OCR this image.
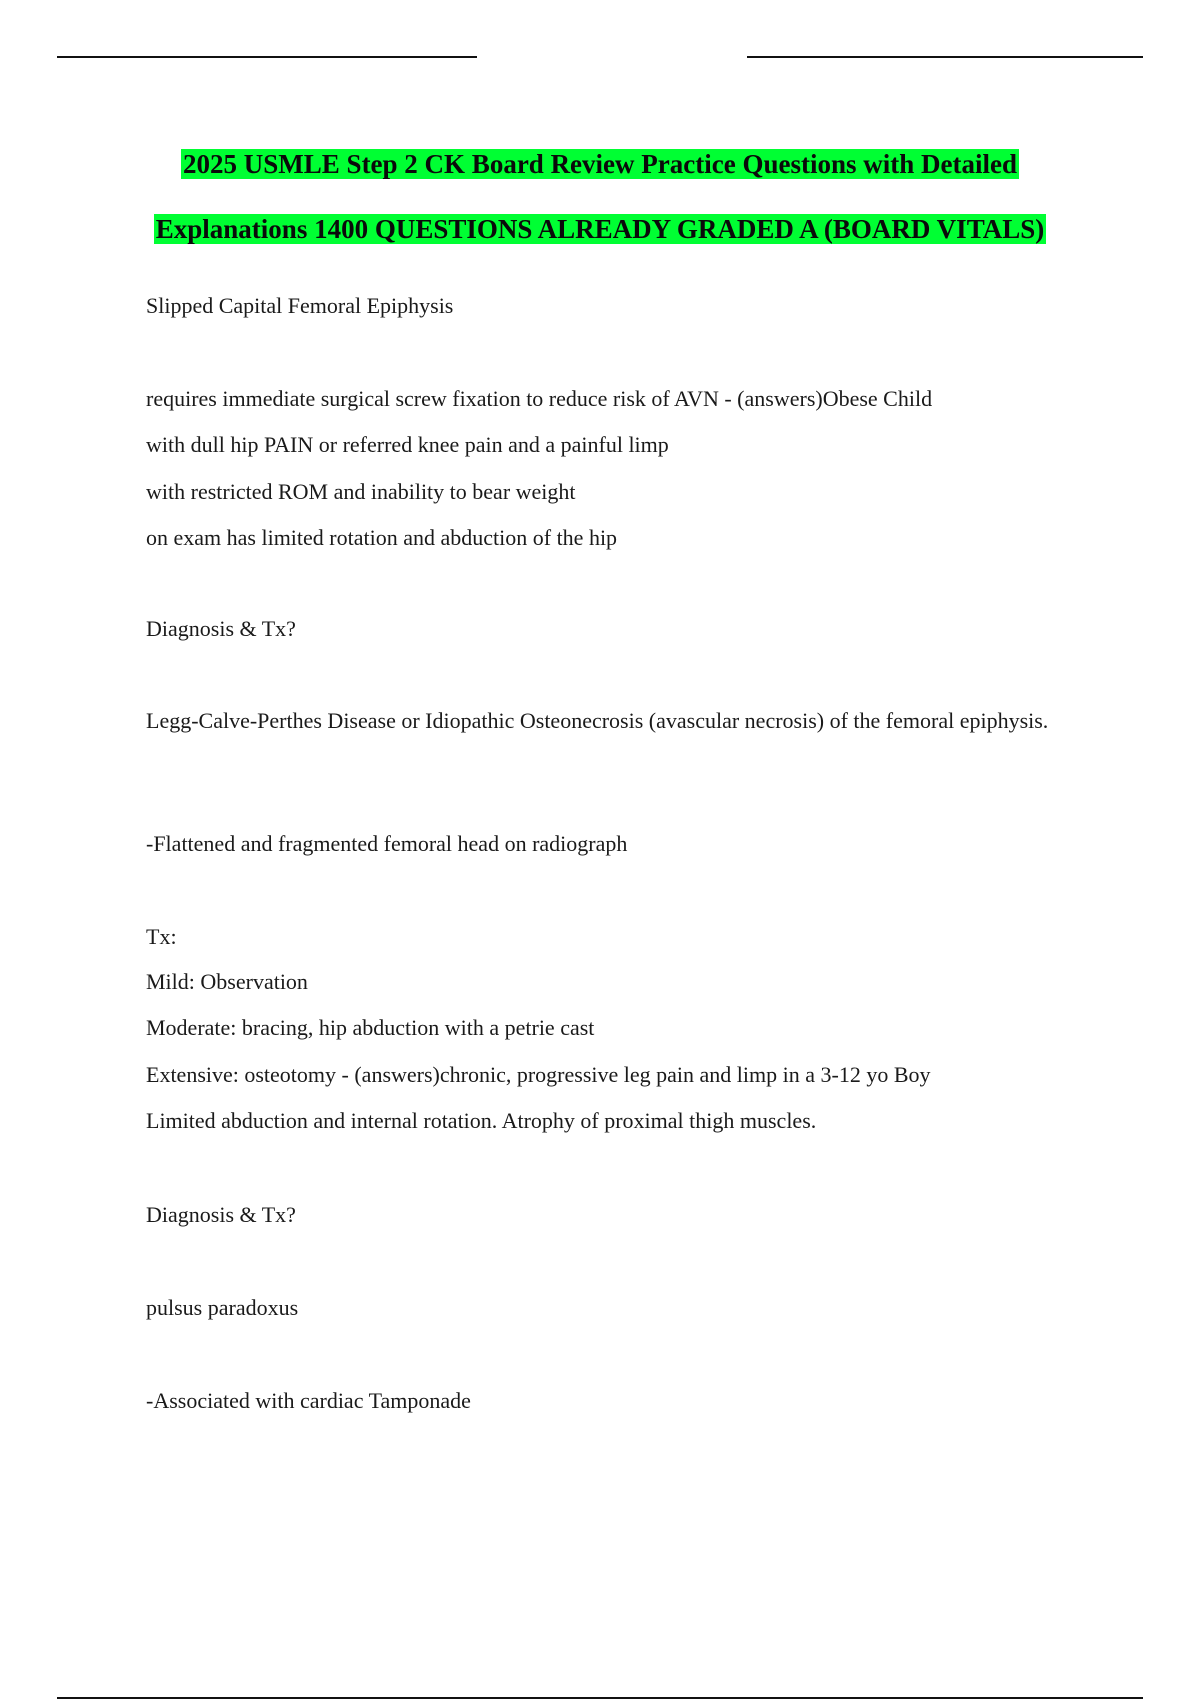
2025 USMLE Step 2 CK Board Review Practice Questions with Detailed
Explanations 1400 QUESTIONS ALREADY GRADED A (BOARD VITALS)
Slipped Capital Femoral Epiphysis
requires immediate surgical screw fixation to reduce risk of AVN - (answers)Obese Child
with dull hip PAIN or referred knee pain and a painful limp
with restricted ROM and inability to bear weight
on exam has limited rotation and abduction of the hip
Diagnosis & Tx?
Legg-Calve-Perthes Disease or Idiopathic Osteonecrosis (avascular necrosis) of the femoral epiphysis.
-Flattened and fragmented femoral head on radiograph
Tx:
Mild: Observation
Moderate: bracing, hip abduction with a petrie cast
Extensive: osteotomy - (answers)chronic, progressive leg pain and limp in a 3-12 yo Boy
Limited abduction and internal rotation. Atrophy of proximal thigh muscles.
Diagnosis & Tx?
pulsus paradoxus
-Associated with cardiac Tamponade
